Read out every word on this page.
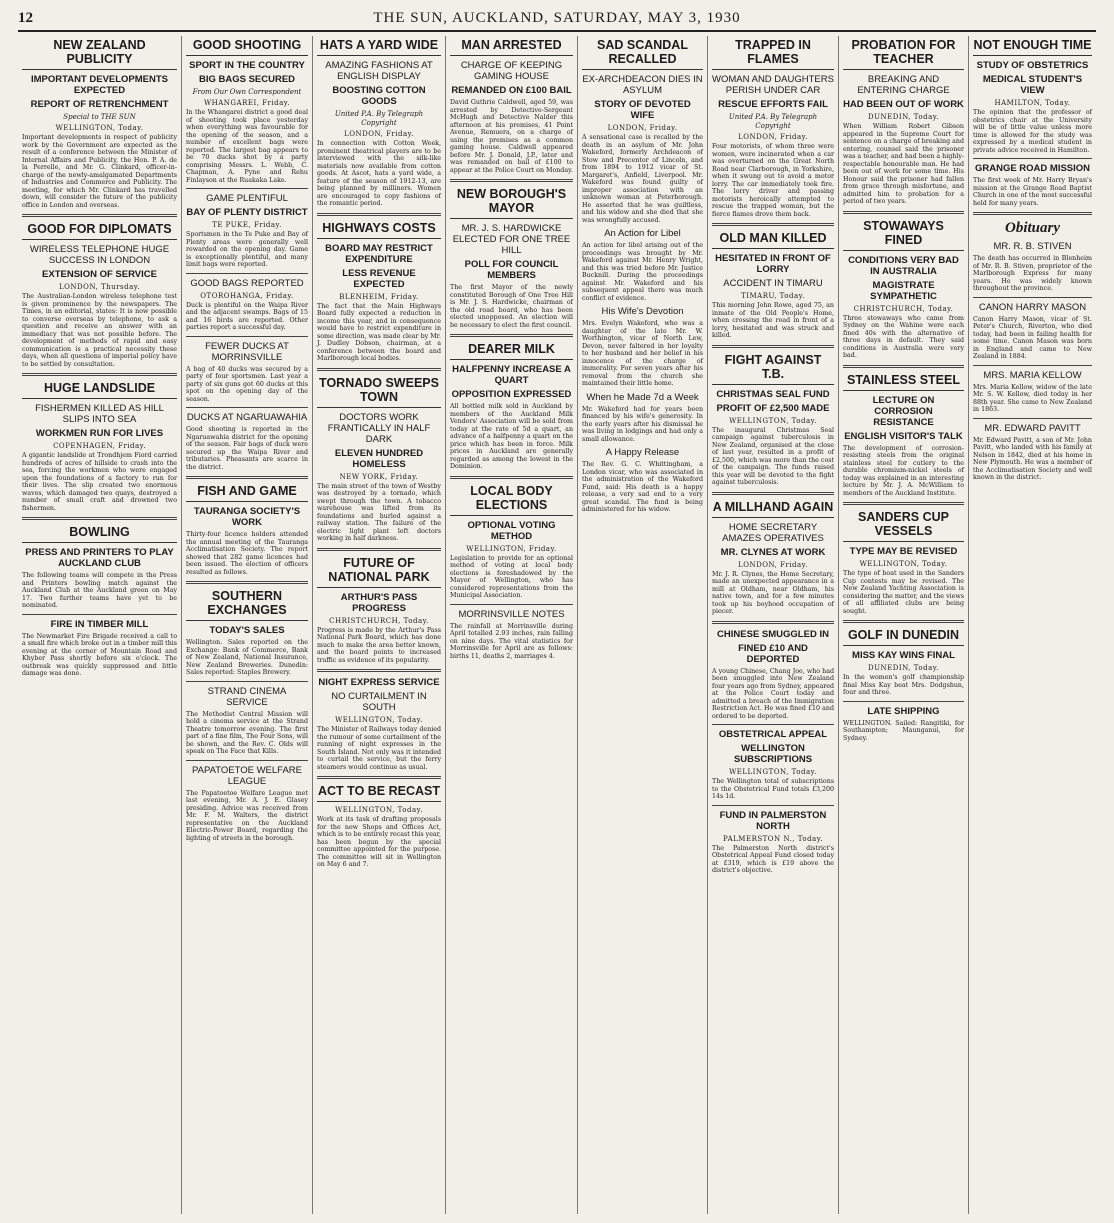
12	THE SUN, AUCKLAND, SATURDAY, MAY 3, 1930
NEW ZEALAND PUBLICITY
IMPORTANT DEVELOPMENTS EXPECTED
REPORT OF RETRENCHMENT
Special to THE SUN
WELLINGTON, Today.

Important developments in respect of publicity work by the Government are expected as the result of a conference between the Minister of Internal Affairs and Publicity, the Hon. P. A. de la Perrelle, and Mr. G. Clinkard, officer-in-charge of the newly-amalgamated Departments of Industries and Commerce and Publicity. The meeting, for which Mr. Clinkard has travelled down, will consider the future of the publicity office in London and overseas.

GOOD FOR DIPLOMATS
WIRELESS TELEPHONE HUGE SUCCESS IN LONDON
EXTENSION OF SERVICE
LONDON, Thursday.

The Australian-London wireless telephone test is given prominence by the newspapers. The Times, in an editorial, states: It is now possible to converse overseas by telephone, to ask a question and receive an answer with an immediacy that was not possible before. The development of methods of rapid and easy communication is a practical necessity these days, when all questions of imperial policy have to be settled by consultation.

HUGE LANDSLIDE
FISHERMEN KILLED AS HILL SLIPS INTO SEA
WORKMEN RUN FOR LIVES
COPENHAGEN, Friday.

A gigantic landslide at Trondhjem Fiord carried hundreds of acres of hillside to crash into the sea, forcing the workmen who were engaged upon the foundations of a factory to run for their lives. The slip created two enormous waves, which damaged two quays, destroyed a number of small craft and drowned two fishermen.

BOWLING
PRESS AND PRINTERS TO PLAY AUCKLAND CLUB

The following teams will compete in the Press and Printers bowling match against the Auckland Club at the Auckland green on May 17. Two further teams have yet to be nominated.

FIRE IN TIMBER MILL

The Newmarket Fire Brigade received a call to a small fire which broke out in a timber mill this evening at the corner of Mountain Road and Khyber Pass shortly before six o'clock. The outbreak was quickly suppressed and little damage was done.

GOOD SHOOTING
SPORT IN THE COUNTRY
BIG BAGS SECURED
From Our Own Correspondent
WHANGAREI, Friday.

In the Whangarei district a good deal of shooting took place yesterday when everything was favourable for the opening of the season, and a number of excellent bags were reported. The largest bag appears to be 70 ducks shot by a party comprising Messrs. L. Webb, C. Chapman, A. Pyne and Rehu Finlayson at the Ruakaka Lake.

GAME PLENTIFUL
BAY OF PLENTY DISTRICT
TE PUKE, Friday.

Sportsmen in the Te Puke and Bay of Plenty areas were generally well rewarded on the opening day. Game is exceptionally plentiful, and many limit bags were reported.

GOOD BAGS REPORTED
OTOROHANGA, Friday.

Duck is plentiful on the Waipa River and the adjacent swamps. Bags of 15 and 16 birds are reported. Other parties report a successful day.

FEWER DUCKS AT MORRINSVILLE

A bag of 40 ducks was secured by a party of four sportsmen. Last year a party of six guns got 60 ducks at this spot on the opening day of the season.

DUCKS AT NGARUAWAHIA

Good shooting is reported in the Ngaruawahia district for the opening of the season. Fair bags of duck were secured up the Waipa River and tributaries. Pheasants are scarce in the district.

FISH AND GAME
TAURANGA SOCIETY'S WORK

Thirty-four licence holders attended the annual meeting of the Tauranga Acclimatisation Society. The report showed that 282 game licences had been issued. The election of officers resulted as follows.

SOUTHERN EXCHANGES
TODAY'S SALES

Wellington. Sales reported on the Exchange: Bank of Commerce, Bank of New Zealand, National Insurance, New Zealand Breweries. Dunedin: Sales reported: Staples Brewery.

STRAND CINEMA SERVICE

The Methodist Central Mission will hold a cinema service at the Strand Theatre tomorrow evening. The first part of a fine film, The Four Sons, will be shown, and the Rev. C. Olds will speak on The Face that Kills.

PAPATOETOE WELFARE LEAGUE

The Papatoetoe Welfare League met last evening, Mr. A. J. E. Glasey presiding. Advice was received from Mr. F. M. Walters, the district representative on the Auckland Electric-Power Board, regarding the lighting of streets in the borough.

HATS A YARD WIDE
AMAZING FASHIONS AT ENGLISH DISPLAY
BOOSTING COTTON GOODS
United P.A. By Telegraph Copyright
LONDON, Friday.

In connection with Cotton Week, prominent theatrical players are to be interviewed with the silk-like materials now available from cotton goods. At Ascot, hats a yard wide, a feature of the season of 1912-13, are being planned by milliners. Women are encouraged to copy fashions of the romantic period.

HIGHWAYS COSTS
BOARD MAY RESTRICT EXPENDITURE
LESS REVENUE EXPECTED
BLENHEIM, Friday.

The fact that the Main Highways Board fully expected a reduction in income this year, and in consequence would have to restrict expenditure in some direction, was made clear by Mr. J. Dudley Dobson, chairman, at a conference between the board and Marlborough local bodies.

TORNADO SWEEPS TOWN
DOCTORS WORK FRANTICALLY IN HALF DARK
ELEVEN HUNDRED HOMELESS
NEW YORK, Friday.

The main street of the town of Westby was destroyed by a tornado, which swept through the town. A tobacco warehouse was lifted from its foundations and hurled against a railway station. The failure of the electric light plant left doctors working in half darkness.

FUTURE OF NATIONAL PARK
ARTHUR'S PASS PROGRESS
CHRISTCHURCH, Today.

Progress is made by the Arthur's Pass National Park Board, which has done much to make the area better known, and the board points to increased traffic as evidence of its popularity.

NIGHT EXPRESS SERVICE
NO CURTAILMENT IN SOUTH
WELLINGTON, Today.

The Minister of Railways today denied the rumour of some curtailment of the running of night expresses in the South Island. Not only was it intended to curtail the service, but the ferry steamers would continue as usual.

ACT TO BE RECAST
WELLINGTON, Today.

Work at its task of drafting proposals for the new Shops and Offices Act, which is to be entirely recast this year, has been begun by the special committee appointed for the purpose. The committee will sit in Wellington on May 6 and 7.

MAN ARRESTED
CHARGE OF KEEPING GAMING HOUSE
REMANDED ON £100 BAIL

David Guthrie Caldwell, aged 59, was arrested by Detective-Sergeant McHugh and Detective Nalder this afternoon at his premises, 41 Point Avenue, Remuera, on a charge of using the premises as a common gaming house. Caldwell appeared before Mr. J. Donald, J.P., later and was remanded on bail of £100 to appear at the Police Court on Monday.

NEW BOROUGH'S MAYOR
MR. J. S. HARDWICKE ELECTED FOR ONE TREE HILL
POLL FOR COUNCIL MEMBERS

The first Mayor of the newly constituted Borough of One Tree Hill is Mr. J. S. Hardwicke, chairman of the old road board, who has been elected unopposed. An election will be necessary to elect the first council.

DEARER MILK
HALFPENNY INCREASE A QUART
OPPOSITION EXPRESSED

All bottled milk sold in Auckland by members of the Auckland Milk Vendors' Association will be sold from today at the rate of 5d a quart, an advance of a halfpenny a quart on the price which has been in force. Milk prices in Auckland are generally regarded as among the lowest in the Dominion.

LOCAL BODY ELECTIONS
OPTIONAL VOTING METHOD
WELLINGTON, Friday.

Legislation to provide for an optional method of voting at local body elections is foreshadowed by the Mayor of Wellington, who has considered representations from the Municipal Association.

MORRINSVILLE NOTES

The rainfall at Morrinsville during April totalled 2.93 inches, rain falling on nine days. The vital statistics for Morrinsville for April are as follows: births 11, deaths 2, marriages 4.

SAD SCANDAL RECALLED
EX-ARCHDEACON DIES IN ASYLUM
STORY OF DEVOTED WIFE
LONDON, Friday.

A sensational case is recalled by the death in an asylum of Mr. John Wakeford, formerly Archdeacon of Stow and Precentor of Lincoln, and from 1894 to 1912 vicar of St. Margaret's, Anfield, Liverpool. Mr. Wakeford was found guilty of improper association with an unknown woman at Peterborough. He asserted that he was guiltless, and his widow and she died that she was wrongfully accused.

An Action for Libel

An action for libel arising out of the proceedings was brought by Mr. Wakeford against Mr. Henry Wright, and this was tried before Mr. Justice Bucknill. During the proceedings against Mr. Wakeford and his subsequent appeal there was much conflict of evidence.

His Wife's Devotion

Mrs. Evelyn Wakeford, who was a daughter of the late Mr. W. Worthington, vicar of North Lew, Devon, never faltered in her loyalty to her husband and her belief in his innocence of the charge of immorality. For seven years after his removal from the church she maintained their little home.

When he Made 7d a Week

Mr. Wakeford had for years been financed by his wife's generosity. In the early years after his dismissal he was living in lodgings and had only a small allowance.

A Happy Release

The Rev. G. C. Whittingham, a London vicar, who was associated in the administration of the Wakeford Fund, said: His death is a happy release, a very sad end to a very great scandal. The fund is being administered for his widow.

TRAPPED IN FLAMES
WOMAN AND DAUGHTERS PERISH UNDER CAR
RESCUE EFFORTS FAIL
United P.A. By Telegraph Copyright
LONDON, Friday.

Four motorists, of whom three were women, were incinerated when a car was overturned on the Great North Road near Clarborough, in Yorkshire, when it swung out to avoid a motor lorry. The car immediately took fire. The lorry driver and passing motorists heroically attempted to rescue the trapped woman, but the fierce flames drove them back.

OLD MAN KILLED
HESITATED IN FRONT OF LORRY
ACCIDENT IN TIMARU
TIMARU, Today.

This morning John Rowe, aged 75, an inmate of the Old People's Home, when crossing the road in front of a lorry, hesitated and was struck and killed.

FIGHT AGAINST T.B.
CHRISTMAS SEAL FUND
PROFIT OF £2,500 MADE
WELLINGTON, Today.

The inaugural Christmas Seal campaign against tuberculosis in New Zealand, organised at the close of last year, resulted in a profit of £2,500, which was more than the cost of the campaign. The funds raised this year will be devoted to the fight against tuberculosis.

A MILLHAND AGAIN
HOME SECRETARY AMAZES OPERATIVES
MR. CLYNES AT WORK
LONDON, Friday.

Mr. J. R. Clynes, the Home Secretary, made an unexpected appearance in a mill at Oldham, near Oldham, his native town, and for a few minutes took up his boyhood occupation of piecer.

CHINESE SMUGGLED IN
FINED £10 AND DEPORTED

A young Chinese, Chang Joe, who had been smuggled into New Zealand four years ago from Sydney, appeared at the Police Court today and admitted a breach of the Immigration Restriction Act. He was fined £10 and ordered to be deported.

OBSTETRICAL APPEAL
WELLINGTON SUBSCRIPTIONS
WELLINGTON, Today.

The Wellington total of subscriptions to the Obstetrical Fund totals £3,200 14s 1d.

FUND IN PALMERSTON NORTH
PALMERSTON N., Today.

The Palmerston North district's Obstetrical Appeal Fund closed today at £319, which is £19 above the district's objective.

PROBATION FOR TEACHER
BREAKING AND ENTERING CHARGE
HAD BEEN OUT OF WORK
DUNEDIN, Today.

When William Robert Gibson appeared in the Supreme Court for sentence on a charge of breaking and entering, counsel said the prisoner was a teacher, and had been a highly-respectable honourable man. He had been out of work for some time. His Honour said the prisoner had fallen from grace through misfortune, and admitted him to probation for a period of two years.

STOWAWAYS FINED
CONDITIONS VERY BAD IN AUSTRALIA
MAGISTRATE SYMPATHETIC
CHRISTCHURCH, Today.

Three stowaways who came from Sydney on the Wahine were each fined 40s with the alternative of three days in default. They said conditions in Australia were very bad.

STAINLESS STEEL
LECTURE ON CORROSION RESISTANCE
ENGLISH VISITOR'S TALK

The development of corrosion-resisting steels from the original stainless steel for cutlery to the durable chromium-nickel steels of today was explained in an interesting lecture by Mr. J. A. McWilliam to members of the Auckland Institute.

SANDERS CUP VESSELS
TYPE MAY BE REVISED
WELLINGTON, Today.

The type of boat used in the Sanders Cup contests may be revised. The New Zealand Yachting Association is considering the matter, and the views of all affiliated clubs are being sought.

GOLF IN DUNEDIN
MISS KAY WINS FINAL
DUNEDIN, Today.

In the women's golf championship final Miss Kay beat Mrs. Dodgshun, four and three.

LATE SHIPPING

WELLINGTON. Sailed: Rangitiki, for Southampton; Maunganui, for Sydney.

NOT ENOUGH TIME
STUDY OF OBSTETRICS
MEDICAL STUDENT'S VIEW
HAMILTON, Today.

The opinion that the professor of obstetrics chair at the University will be of little value unless more time is allowed for the study was expressed by a medical student in private advice received in Hamilton.

GRANGE ROAD MISSION

The first week of Mr. Harry Bryan's mission at the Grange Road Baptist Church in one of the most successful held for many years.

Obituary
MR. R. B. STIVEN

The death has occurred in Blenheim of Mr. R. B. Stiven, proprietor of the Marlborough Express for many years. He was widely known throughout the province.

CANON HARRY MASON

Canon Harry Mason, vicar of St. Peter's Church, Riverton, who died today, had been in failing health for some time. Canon Mason was born in England and came to New Zealand in 1884.

MRS. MARIA KELLOW

Mrs. Maria Kellow, widow of the late Mr. S. W. Kellow, died today in her 88th year. She came to New Zealand in 1863.

MR. EDWARD PAVITT

Mr. Edward Pavitt, a son of Mr. John Pavitt, who landed with his family at Nelson in 1842, died at his home in New Plymouth. He was a member of the Acclimatisation Society and well known in the district.
